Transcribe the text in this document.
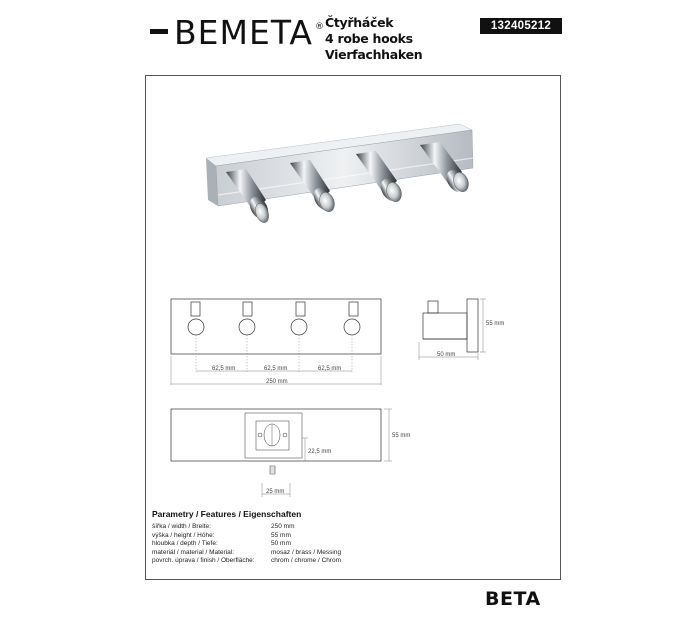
BEMETA ® Čtyřháček
4 robe hooks
Vierfachhaken
132405212
62,5 mm	62,5 mm	62,5 mm
250 mm
50 mm
55 mm
55 mm
22,5 mm
25 mm
Parametry / Features / Eigenschaften
šířka / width / Breite:	250 mm
výška / height / Höhe:	55 mm
hloubka / depth / Tiefe:	50 mm
materiál / material / Material:	mosaz / brass / Messing
povrch. úprava / finish / Oberfläche:	chrom / chrome / Chrom
BETA
